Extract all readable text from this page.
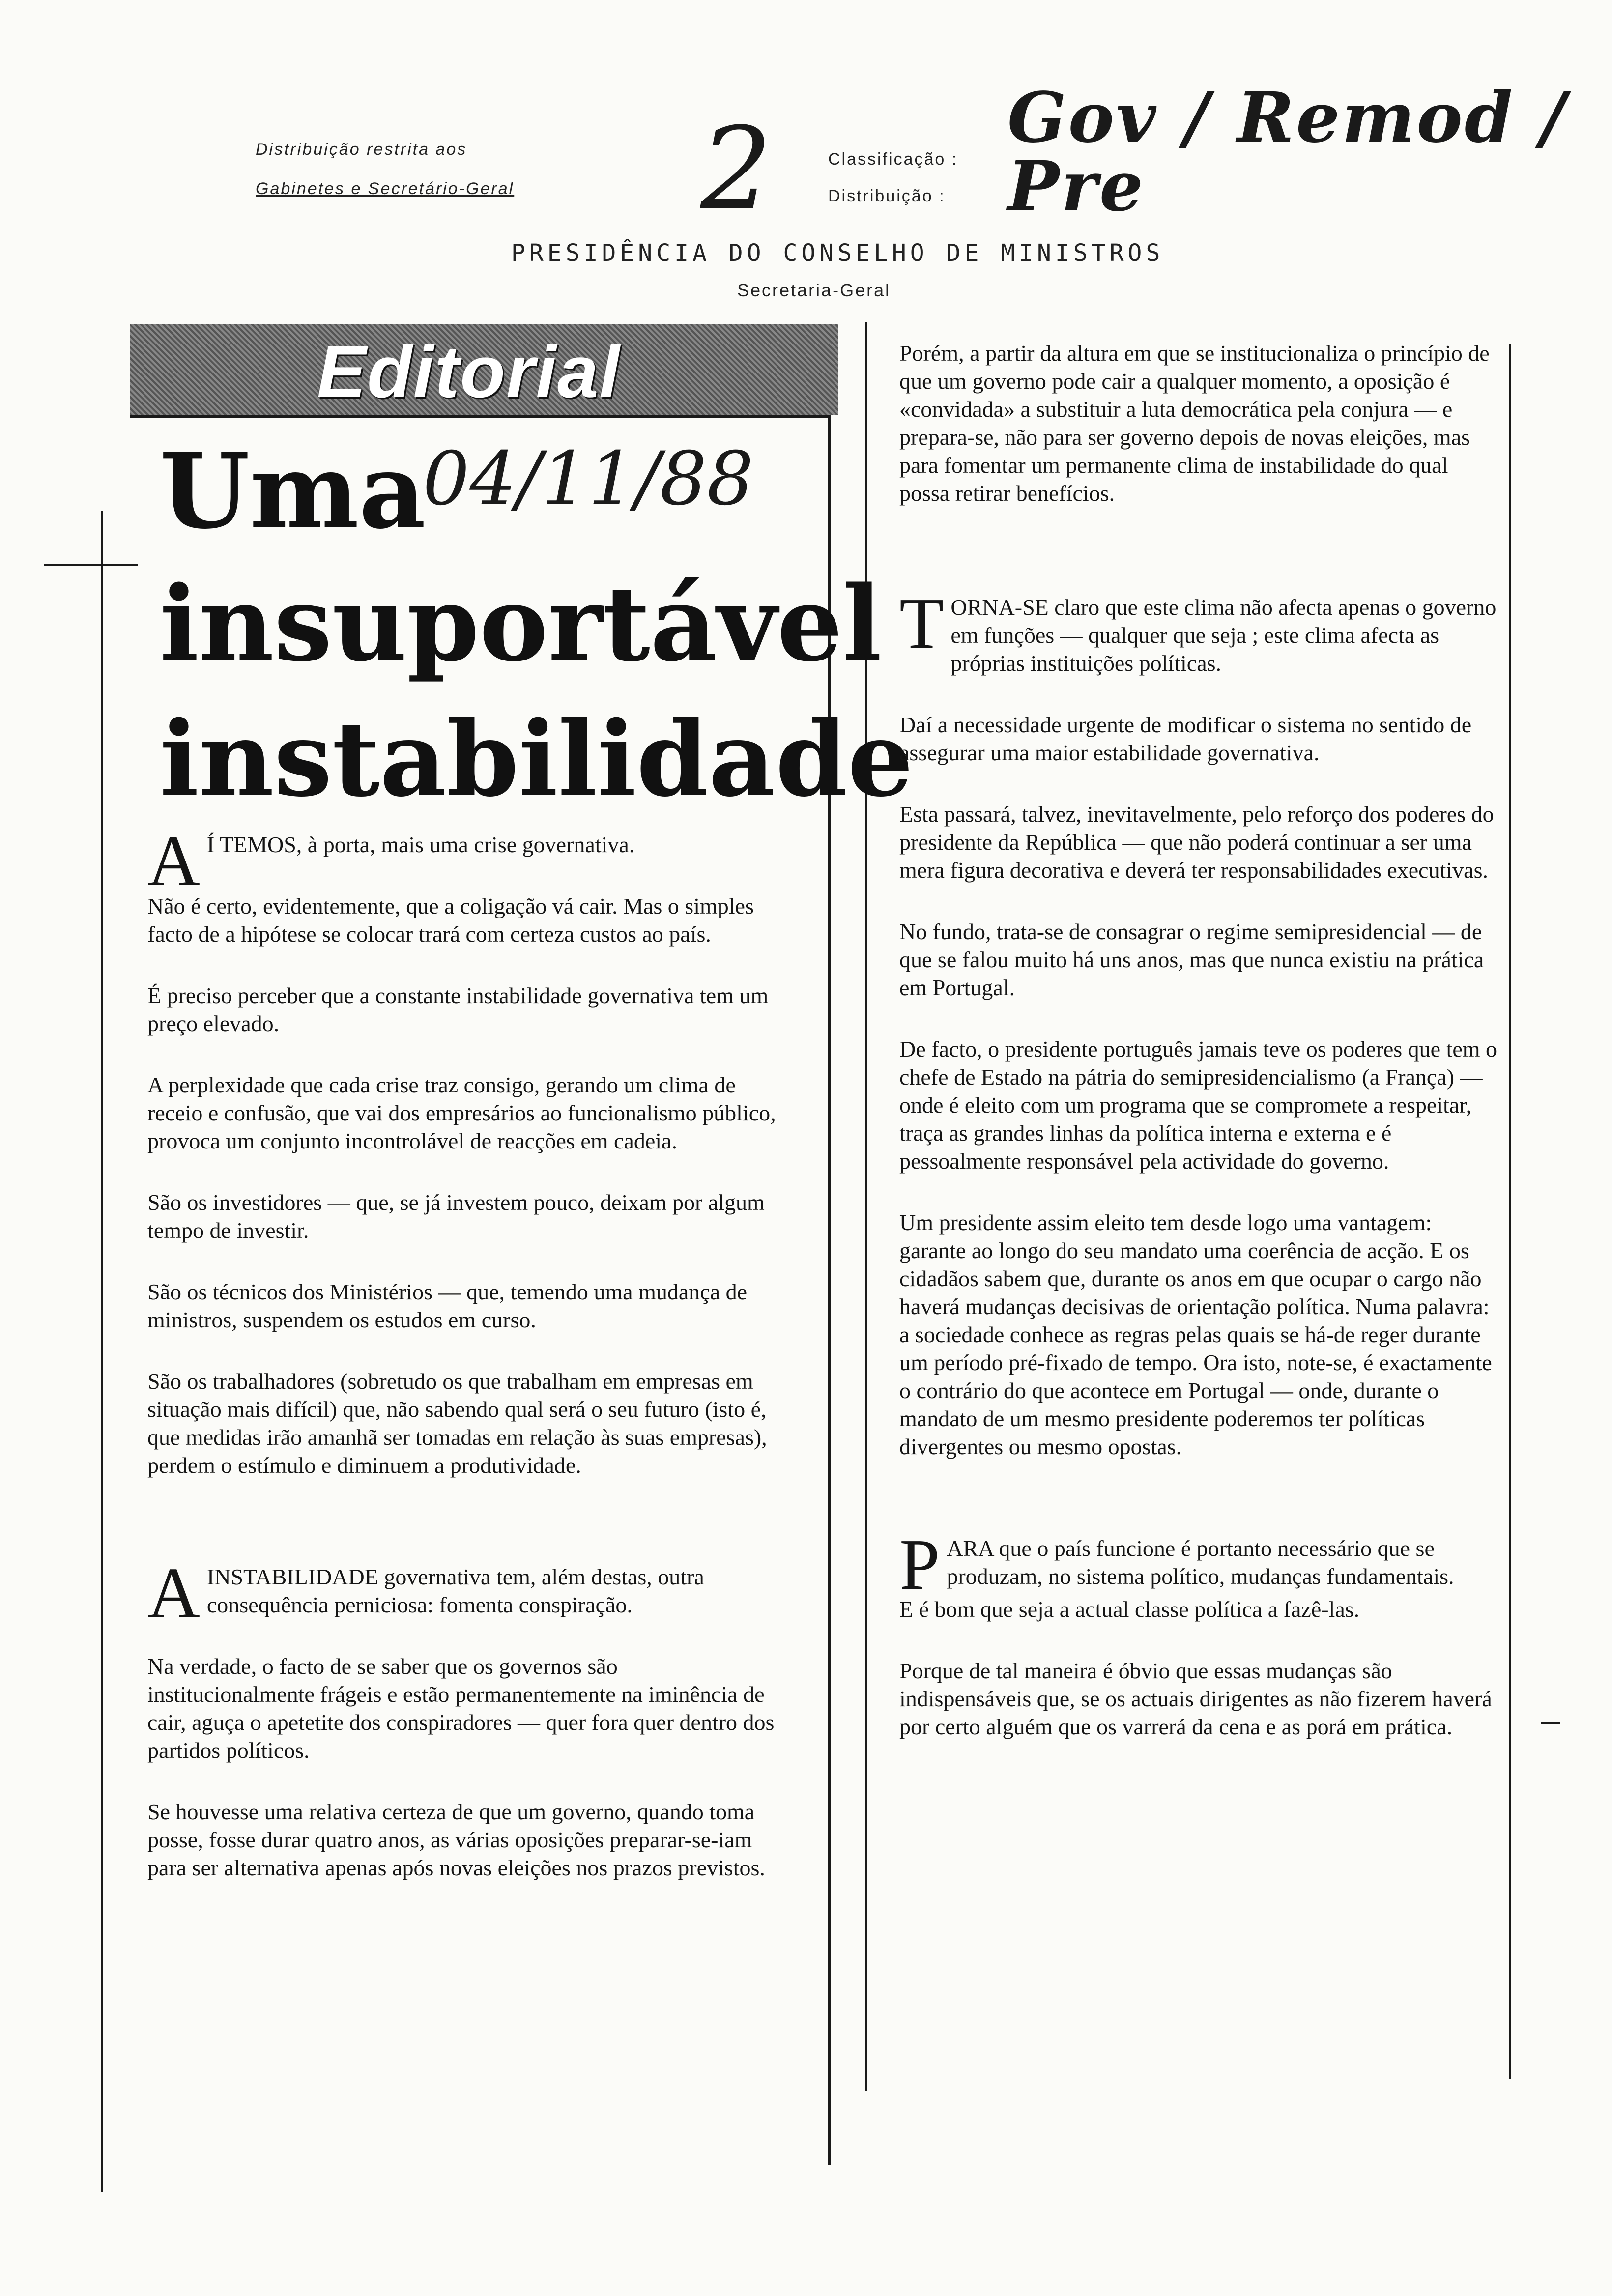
Distribuição restrita aos
Gabinetes e Secretário-Geral 2	Classificação :
Distribuição :
Gov / Remod / Pre
PRESIDÊNCIA DO CONSELHO DE MINISTROS
Secretaria-Geral
Editorial
Uma
04/11/88
insuportável
instabilidade

A Í TEMOS, à porta, mais uma crise governativa.

Não é certo, evidentemente, que a coligação vá cair. Mas o simples facto de a hipótese se colocar trará com certeza custos ao país.

É preciso perceber que a constante instabilidade governativa tem um preço elevado.

A perplexidade que cada crise traz consigo, gerando um clima de receio e confusão, que vai dos empresários ao funcionalismo público, provoca um conjunto incontrolável de reacções em cadeia.

São os investidores — que, se já investem pouco, deixam por algum tempo de investir.

São os técnicos dos Ministérios — que, temendo uma mudança de ministros, suspendem os estudos em curso.

São os trabalhadores (sobretudo os que trabalham em empresas em situação mais difícil) que, não sabendo qual será o seu futuro (isto é, que medidas irão amanhã ser tomadas em relação às suas empresas), perdem o estímulo e diminuem a produtividade.

AINSTABILIDADE governativa tem, além destas, outra consequência perniciosa: fomenta conspiração.

Na verdade, o facto de se saber que os governos são institucionalmente frágeis e estão permanentemente na iminência de cair, aguça o apetetite dos conspiradores — quer fora quer dentro dos partidos políticos.

Se houvesse uma relativa certeza de que um governo, quando toma posse, fosse durar quatro anos, as várias oposições preparar-se-iam para ser alternativa apenas após novas eleições nos prazos previstos.

Porém, a partir da altura em que se institucionaliza o princípio de que um governo pode cair a qualquer momento, a oposição é «convidada» a substituir a luta democrática pela conjura — e prepara-se, não para ser governo depois de novas eleições, mas para fomentar um permanente clima de instabilidade do qual possa retirar benefícios.

TORNA-SE claro que este clima não afecta apenas o governo em funções — qualquer que seja ; este clima afecta as próprias instituições políticas.

Daí a necessidade urgente de modificar o sistema no sentido de assegurar uma maior estabilidade governativa.

Esta passará, talvez, inevitavelmente, pelo reforço dos poderes do presidente da República — que não poderá continuar a ser uma mera figura decorativa e deverá ter responsabilidades executivas.

No fundo, trata-se de consagrar o regime semipresidencial — de que se falou muito há uns anos, mas que nunca existiu na prática em Portugal.

De facto, o presidente português jamais teve os poderes que tem o chefe de Estado na pátria do semipresidencialismo (a França) — onde é eleito com um programa que se compromete a respeitar, traça as grandes linhas da política interna e externa e é pessoalmente responsável pela actividade do governo.

Um presidente assim eleito tem desde logo uma vantagem: garante ao longo do seu mandato uma coerência de acção. E os cidadãos sabem que, durante os anos em que ocupar o cargo não haverá mudanças decisivas de orientação política. Numa palavra: a sociedade conhece as regras pelas quais se há-de reger durante um período pré-fixado de tempo. Ora isto, note-se, é exactamente o contrário do que acontece em Portugal — onde, durante o mandato de um mesmo presidente poderemos ter políticas divergentes ou mesmo opostas.

PARA que o país funcione é portanto necessário que se produzam, no sistema político, mudanças fundamentais.

E é bom que seja a actual classe política a fazê-las.

Porque de tal maneira é óbvio que essas mudanças são indispensáveis que, se os actuais dirigentes as não fizerem haverá por certo alguém que os varrerá da cena e as porá em prática.
